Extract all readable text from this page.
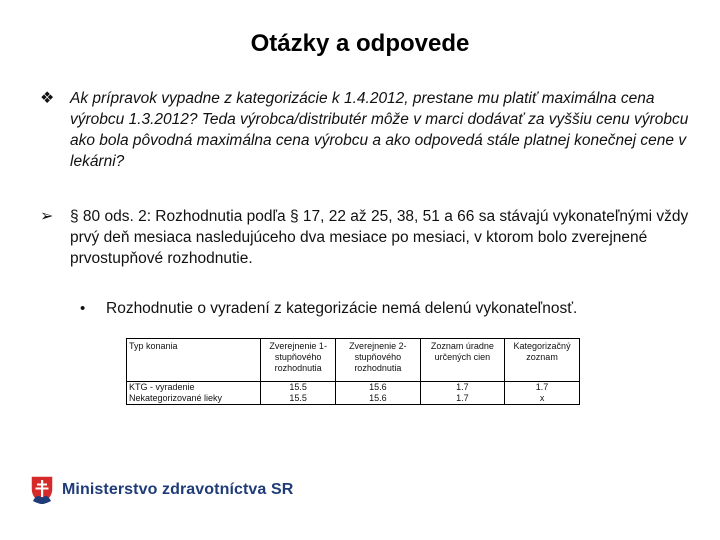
Otázky a odpovede
❖	Ak prípravok vypadne z kategorizácie k 1.4.2012, prestane mu platiť maximálna cena výrobcu 1.3.2012? Teda výrobca/distributér môže v marci dodávať za vyššiu cenu výrobcu ako bola pôvodná maximálna cena výrobcu a ako odpovedá stále platnej konečnej cene v lekárni?
➢	§ 80 ods. 2: Rozhodnutia podľa § 17, 22 až 25, 38, 51 a 66 sa stávajú vykonateľnými vždy prvý deň mesiaca nasledujúceho dva mesiace po mesiaci, v ktorom bolo zverejnené prvostupňové rozhodnutie.
• Rozhodnutie o vyradení z kategorizácie nemá delenú vykonateľnosť.
Typ konania	Zverejnenie 1-stupňového rozhodnutia	Zverejnenie 2-stupňového rozhodnutia	Zoznam úradne určených cien	Kategorizačný zoznam
KTG - vyradenie	15.5	15.6	1.7	1.7
Nekategorizované lieky	15.5	15.6	1.7	x
Ministerstvo zdravotníctva SR
